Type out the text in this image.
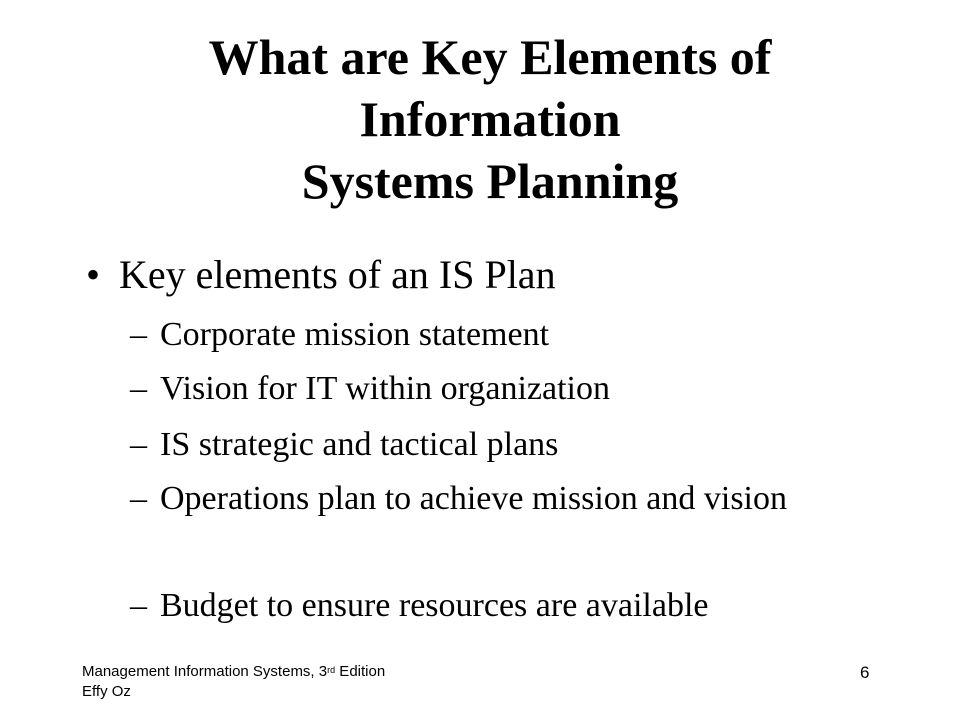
What are Key Elements of
Information
Systems Planning
• Key elements of an IS Plan
– Corporate mission statement
– Vision for IT within organization
– IS strategic and tactical plans
– Operations plan to achieve mission and vision
– Budget to ensure resources are available
Management Information Systems, 3rd Edition
Effy Oz
6
